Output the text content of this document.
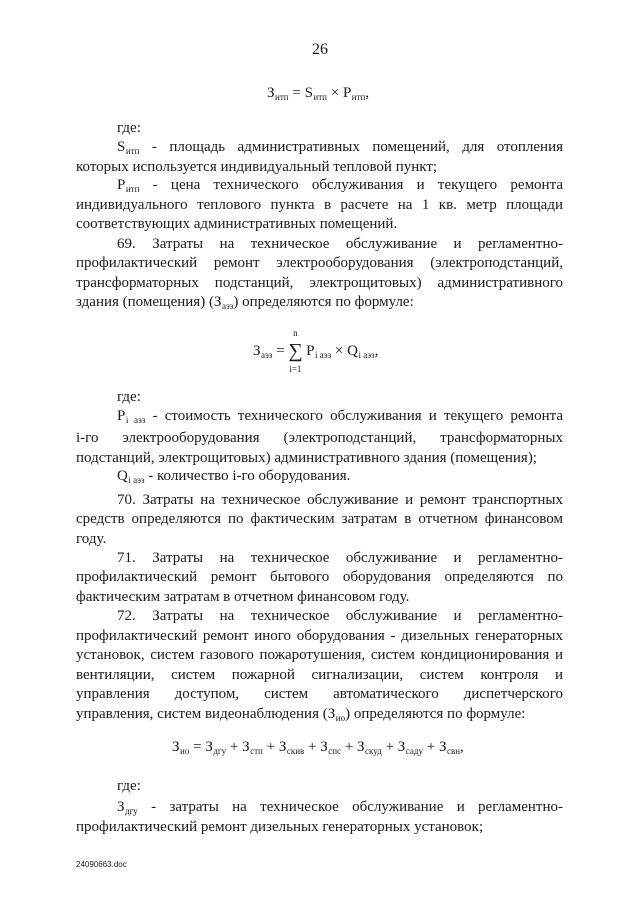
26
$З_{итп} = S_{итп} \times P_{итп}$,
где:
$S_{итп}$ - площадь административных помещений, для отопления
которых используется индивидуальный тепловой пункт;
$P_{итп}$ - цена технического обслуживания и текущего ремонта
индивидуального теплового пункта в расчете на 1 кв. метр площади
соответствующих административных помещений.
69. Затраты на техническое обслуживание и регламентно-
профилактический ремонт электрооборудования (электроподстанций,
трансформаторных подстанций, электрощитовых) административного
здания (помещения) $(З_{аэз})$ определяются по формуле:
$З_{аэз}$ = ∑
n
i=1
$P_{i аэз} \times Q_{i аэз}$,
где:
$P_{i аэз}$ - стоимость технического обслуживания и текущего ремонта
i-го электрооборудования (электроподстанций, трансформаторных
подстанций, электрощитовых) административного здания (помещения);
$Q_{i аэз}$ - количество i-го оборудования.
70. Затраты на техническое обслуживание и ремонт транспортных
средств определяются по фактическим затратам в отчетном финансовом
году.
71. Затраты на техническое обслуживание и регламентно-
профилактический ремонт бытового оборудования определяются по
фактическим затратам в отчетном финансовом году.
72. Затраты на техническое обслуживание и регламентно-
профилактический ремонт иного оборудования - дизельных генераторных
установок, систем газового пожаротушения, систем кондиционирования и
вентиляции, систем пожарной сигнализации, систем контроля и
управления доступом, систем автоматического диспетчерского
управления, систем видеонаблюдения $(З_{ио})$ определяются по формуле:
$З_{ио} = З_{дгу} + З_{стп} + З_{скив} + З_{спс} + З_{скуд} + З_{саду} + З_{свн}$,
где:
$З_{дгу}$ - затраты на техническое обслуживание и регламентно-
профилактический ремонт дизельных генераторных установок;
24090663.doc
